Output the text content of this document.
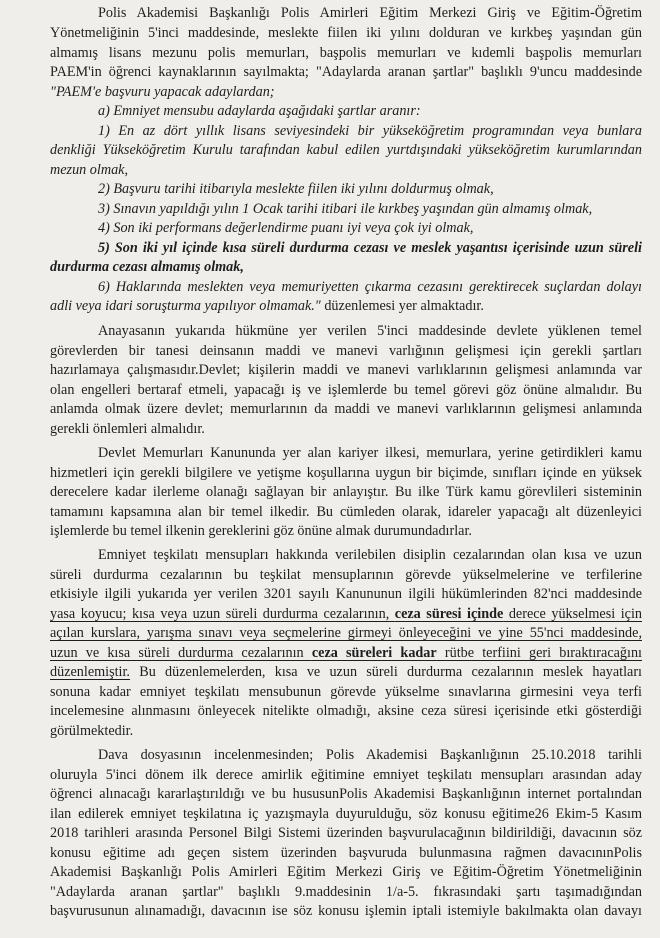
Polis Akademisi Başkanlığı Polis Amirleri Eğitim Merkezi Giriş ve Eğitim-Öğretim
Yönetmeliğinin 5'inci maddesinde, meslekte fiilen iki yılını dolduran ve kırkbeş yaşından gün
almamış lisans mezunu polis memurları, başpolis memurları ve kıdemli başpolis memurları
PAEM'in öğrenci kaynaklarının sayılmakta; "Adaylarda aranan şartlar" başlıklı 9'uncu maddesinde
"PAEM'e başvuru yapacak adaylardan;
a) Emniyet mensubu adaylarda aşağıdaki şartlar aranır:
1) En az dört yıllık lisans seviyesindeki bir yükseköğretim programından veya bunlara
denkliği Yükseköğretim Kurulu tarafından kabul edilen yurtdışındaki yükseköğretim kurumlarından
mezun olmak,
2) Başvuru tarihi itibarıyla meslekte fiilen iki yılını doldurmuş olmak,
3) Sınavın yapıldığı yılın 1 Ocak tarihi itibari ile kırkbeş yaşından gün almamış olmak,
4) Son iki performans değerlendirme puanı iyi veya çok iyi olmak,
5) Son iki yıl içinde kısa süreli durdurma cezası ve meslek yaşantısı içerisinde uzun süreli
durdurma cezası almamış olmak,
6) Haklarında meslekten veya memuriyetten çıkarma cezasını gerektirecek suçlardan dolayı
adli veya idari soruşturma yapılıyor olmamak." düzenlemesi yer almaktadır.
Anayasanın yukarıda hükmüne yer verilen 5'inci maddesinde devlete yüklenen temel
görevlerden bir tanesi deinsanın maddi ve manevi varlığının gelişmesi için gerekli şartları
hazırlamaya çalışmasıdır.Devlet; kişilerin maddi ve manevi varlıklarının gelişmesi anlamında var
olan engelleri bertaraf etmeli, yapacağı iş ve işlemlerde bu temel görevi göz önüne almalıdır. Bu
anlamda olmak üzere devlet; memurlarının da maddi ve manevi varlıklarının gelişmesi anlamında
gerekli önlemleri almalıdır.
Devlet Memurları Kanununda yer alan kariyer ilkesi, memurlara, yerine getirdikleri kamu
hizmetleri için gerekli bilgilere ve yetişme koşullarına uygun bir biçimde, sınıfları içinde en yüksek
derecelere kadar ilerleme olanağı sağlayan bir anlayıştır. Bu ilke Türk kamu görevlileri sisteminin
tamamını kapsamına alan bir temel ilkedir. Bu cümleden olarak, idareler yapacağı alt düzenleyici
işlemlerde bu temel ilkenin gereklerini göz önüne almak durumundadırlar.
Emniyet teşkilatı mensupları hakkında verilebilen disiplin cezalarından olan kısa ve uzun
süreli durdurma cezalarının bu teşkilat mensuplarının görevde yükselmelerine ve terfilerine
etkisiyle ilgili yukarıda yer verilen 3201 sayılı Kanununun ilgili hükümlerinden 82'nci maddesinde
yasa koyucu; kısa veya uzun süreli durdurma cezalarının, ceza süresi içinde derece yükselmesi için
açılan kurslara, yarışma sınavı veya seçmelerine girmeyi önleyeceğini ve yine 55'nci maddesinde,
uzun ve kısa süreli durdurma cezalarının ceza süreleri kadar rütbe terfiini geri bıraktıracağını
düzenlemiştir. Bu düzenlemelerden, kısa ve uzun süreli durdurma cezalarının meslek hayatları
sonuna kadar emniyet teşkilatı mensubunun görevde yükselme sınavlarına girmesini veya terfi
incelemesine alınmasını önleyecek nitelikte olmadığı, aksine ceza süresi içerisinde etki gösterdiği
görülmektedir.
Dava dosyasının incelenmesinden; Polis Akademisi Başkanlığının 25.10.2018 tarihli
oluruyla 5'inci dönem ilk derece amirlik eğitimine emniyet teşkilatı mensupları arasından aday
öğrenci alınacağı kararlaştırıldığı ve bu hususunPolis Akademisi Başkanlığının internet portalından
ilan edilerek emniyet teşkilatına iç yazışmayla duyurulduğu, söz konusu eğitime26 Ekim-5 Kasım
2018 tarihleri arasında Personel Bilgi Sistemi üzerinden başvurulacağının bildirildiği, davacının söz
konusu eğitime adı geçen sistem üzerinden başvuruda bulunmasına rağmen davacınınPolis
Akademisi Başkanlığı Polis Amirleri Eğitim Merkezi Giriş ve Eğitim-Öğretim Yönetmeliğinin
"Adaylarda aranan şartlar" başlıklı 9.maddesinin 1/a-5. fıkrasındaki şartı taşımadığından
başvurusunun alınamadığı, davacının ise söz konusu işlemin iptali istemiyle bakılmakta olan davayı
